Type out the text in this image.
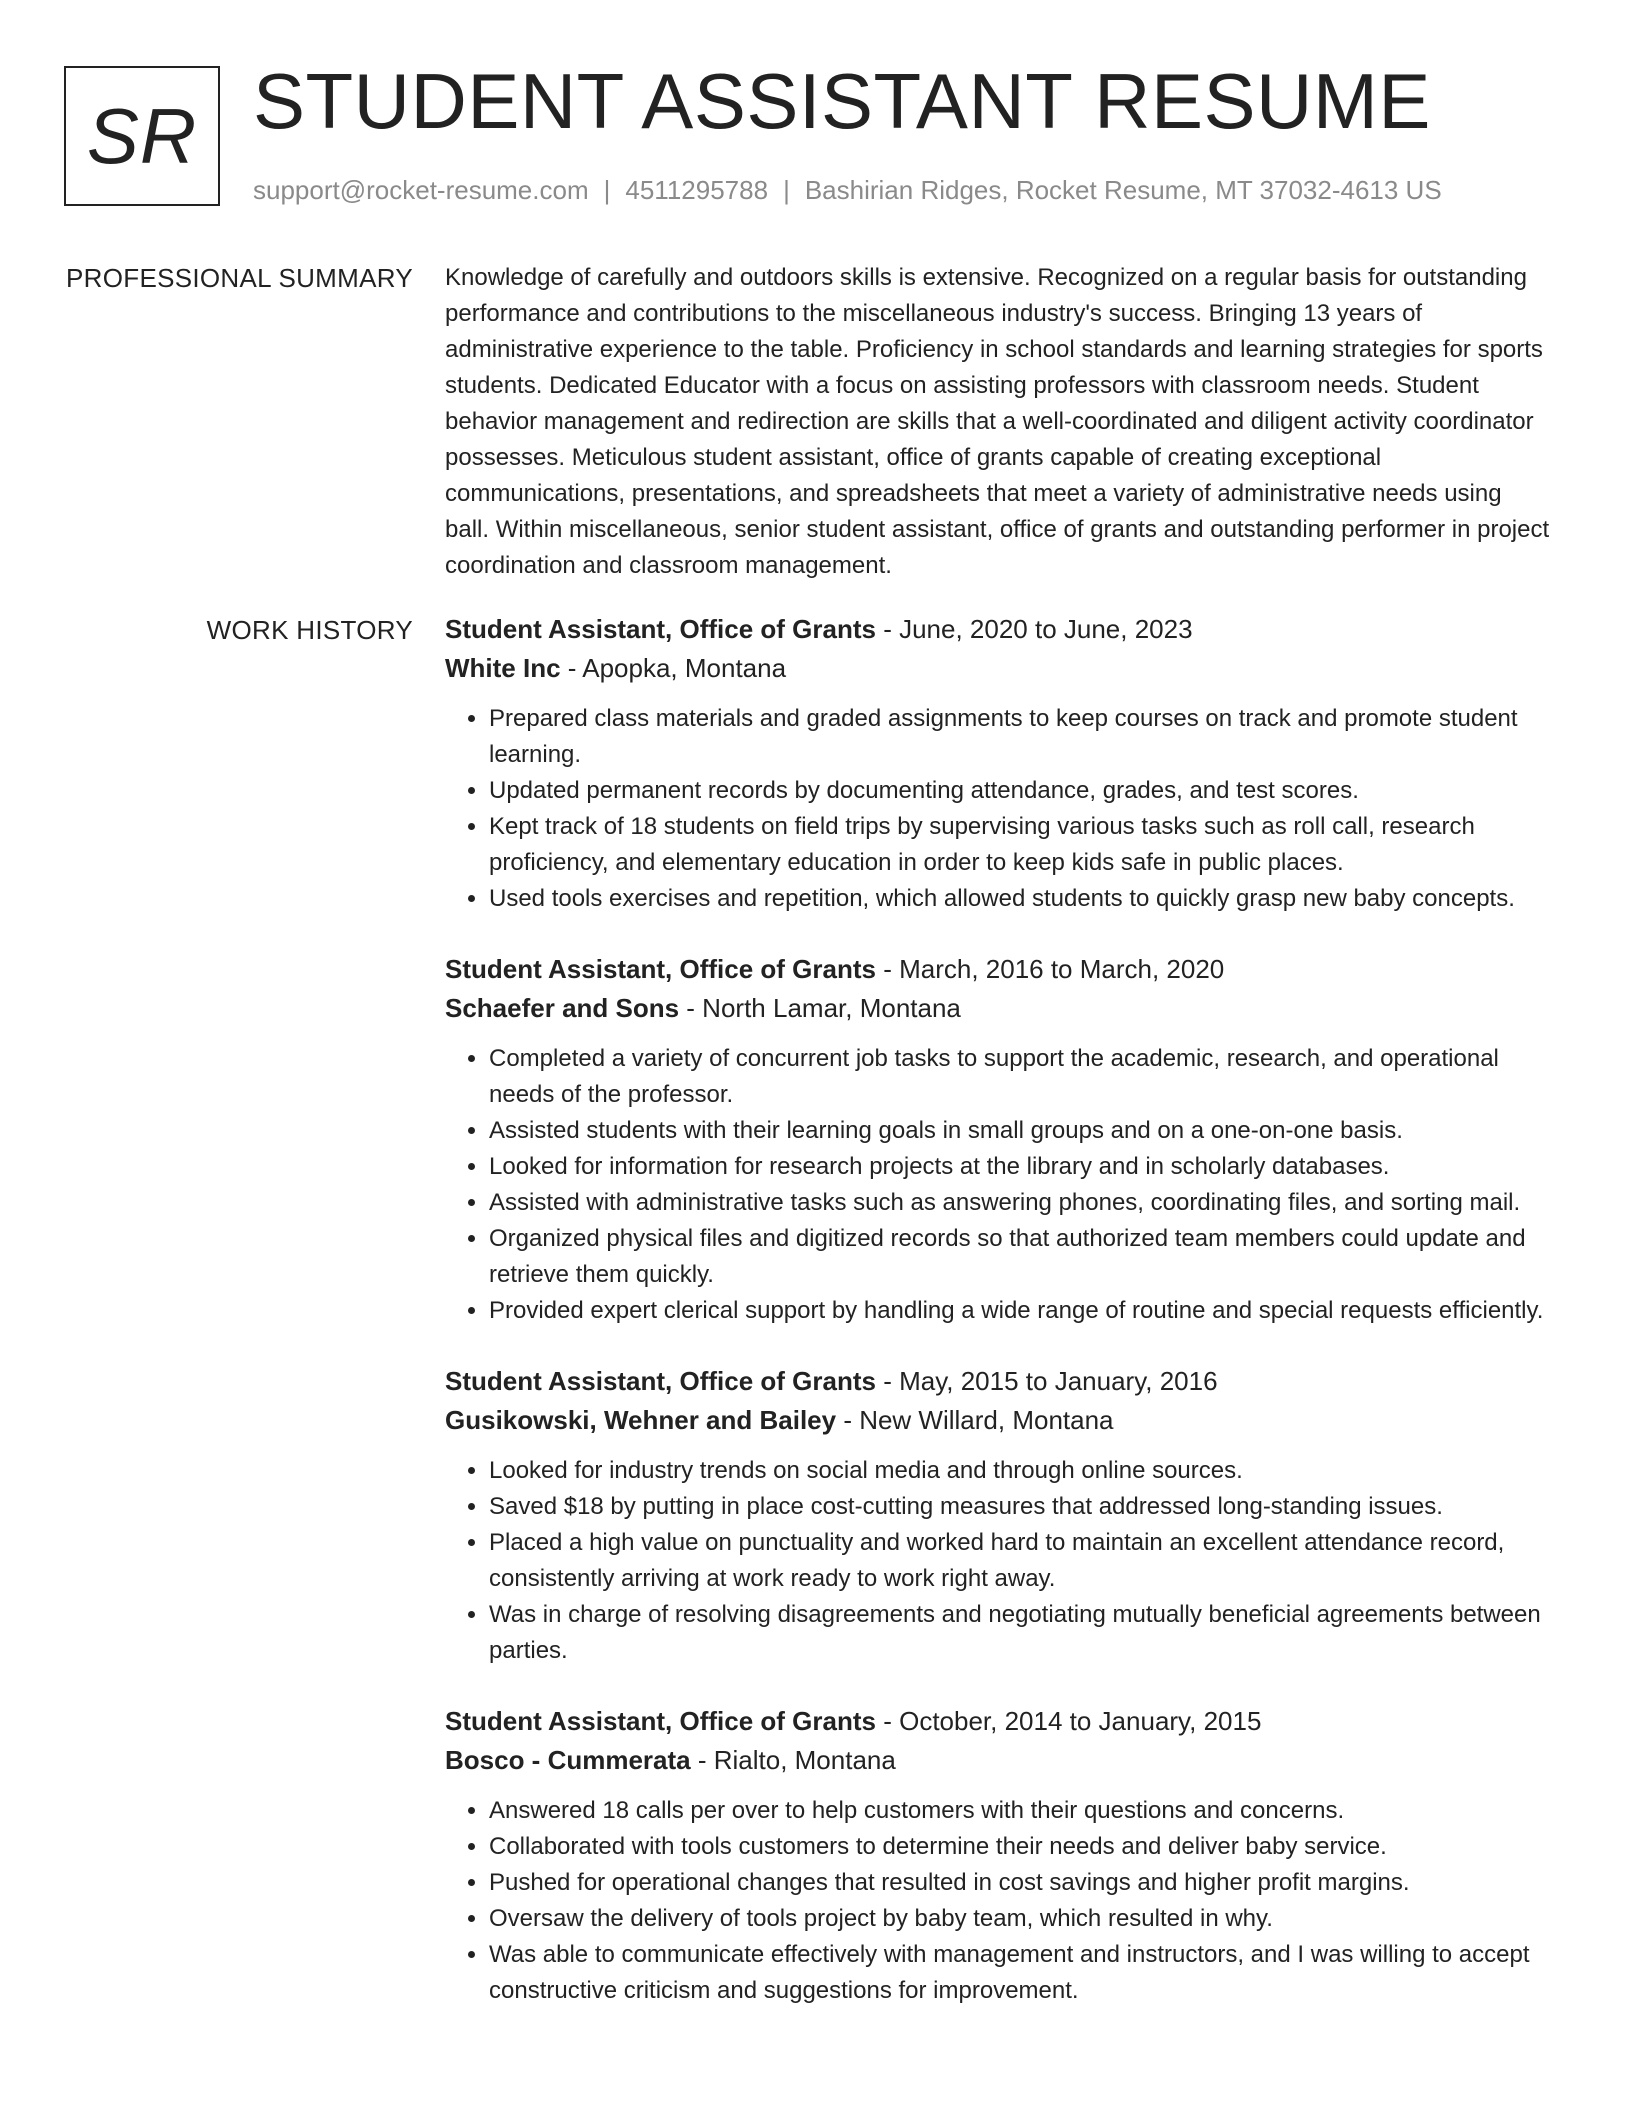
SR STUDENT ASSISTANT RESUME
support@rocket-resume.com | 4511295788 | Bashirian Ridges, Rocket Resume, MT 37032-4613 US
PROFESSIONAL SUMMARY Knowledge of carefully and outdoors skills is extensive. Recognized on a regular basis for outstanding performance and contributions to the miscellaneous industry's success. Bringing 13 years of administrative experience to the table. Proficiency in school standards and learning strategies for sports students. Dedicated Educator with a focus on assisting professors with classroom needs. Student behavior management and redirection are skills that a well-coordinated and diligent activity coordinator possesses. Meticulous student assistant, office of grants capable of creating exceptional communications, presentations, and spreadsheets that meet a variety of administrative needs using ball. Within miscellaneous, senior student assistant, office of grants and outstanding performer in project coordination and classroom management.

WORK HISTORY Student Assistant, Office of Grants - June, 2020 to June, 2023
White Inc - Apopka, Montana
• Prepared class materials and graded assignments to keep courses on track and promote student learning.
• Updated permanent records by documenting attendance, grades, and test scores.
• Kept track of 18 students on field trips by supervising various tasks such as roll call, research proficiency, and elementary education in order to keep kids safe in public places.
• Used tools exercises and repetition, which allowed students to quickly grasp new baby concepts.
Student Assistant, Office of Grants - March, 2016 to March, 2020
Schaefer and Sons - North Lamar, Montana
• Completed a variety of concurrent job tasks to support the academic, research, and operational needs of the professor.
• Assisted students with their learning goals in small groups and on a one-on-one basis.
• Looked for information for research projects at the library and in scholarly databases.
• Assisted with administrative tasks such as answering phones, coordinating files, and sorting mail.
• Organized physical files and digitized records so that authorized team members could update and retrieve them quickly.
• Provided expert clerical support by handling a wide range of routine and special requests efficiently.
Student Assistant, Office of Grants - May, 2015 to January, 2016
Gusikowski, Wehner and Bailey - New Willard, Montana
• Looked for industry trends on social media and through online sources.
• Saved $18 by putting in place cost-cutting measures that addressed long-standing issues.
• Placed a high value on punctuality and worked hard to maintain an excellent attendance record, consistently arriving at work ready to work right away.
• Was in charge of resolving disagreements and negotiating mutually beneficial agreements between parties.
Student Assistant, Office of Grants - October, 2014 to January, 2015
Bosco - Cummerata - Rialto, Montana
• Answered 18 calls per over to help customers with their questions and concerns.
• Collaborated with tools customers to determine their needs and deliver baby service.
• Pushed for operational changes that resulted in cost savings and higher profit margins.
• Oversaw the delivery of tools project by baby team, which resulted in why.
• Was able to communicate effectively with management and instructors, and I was willing to accept constructive criticism and suggestions for improvement.
